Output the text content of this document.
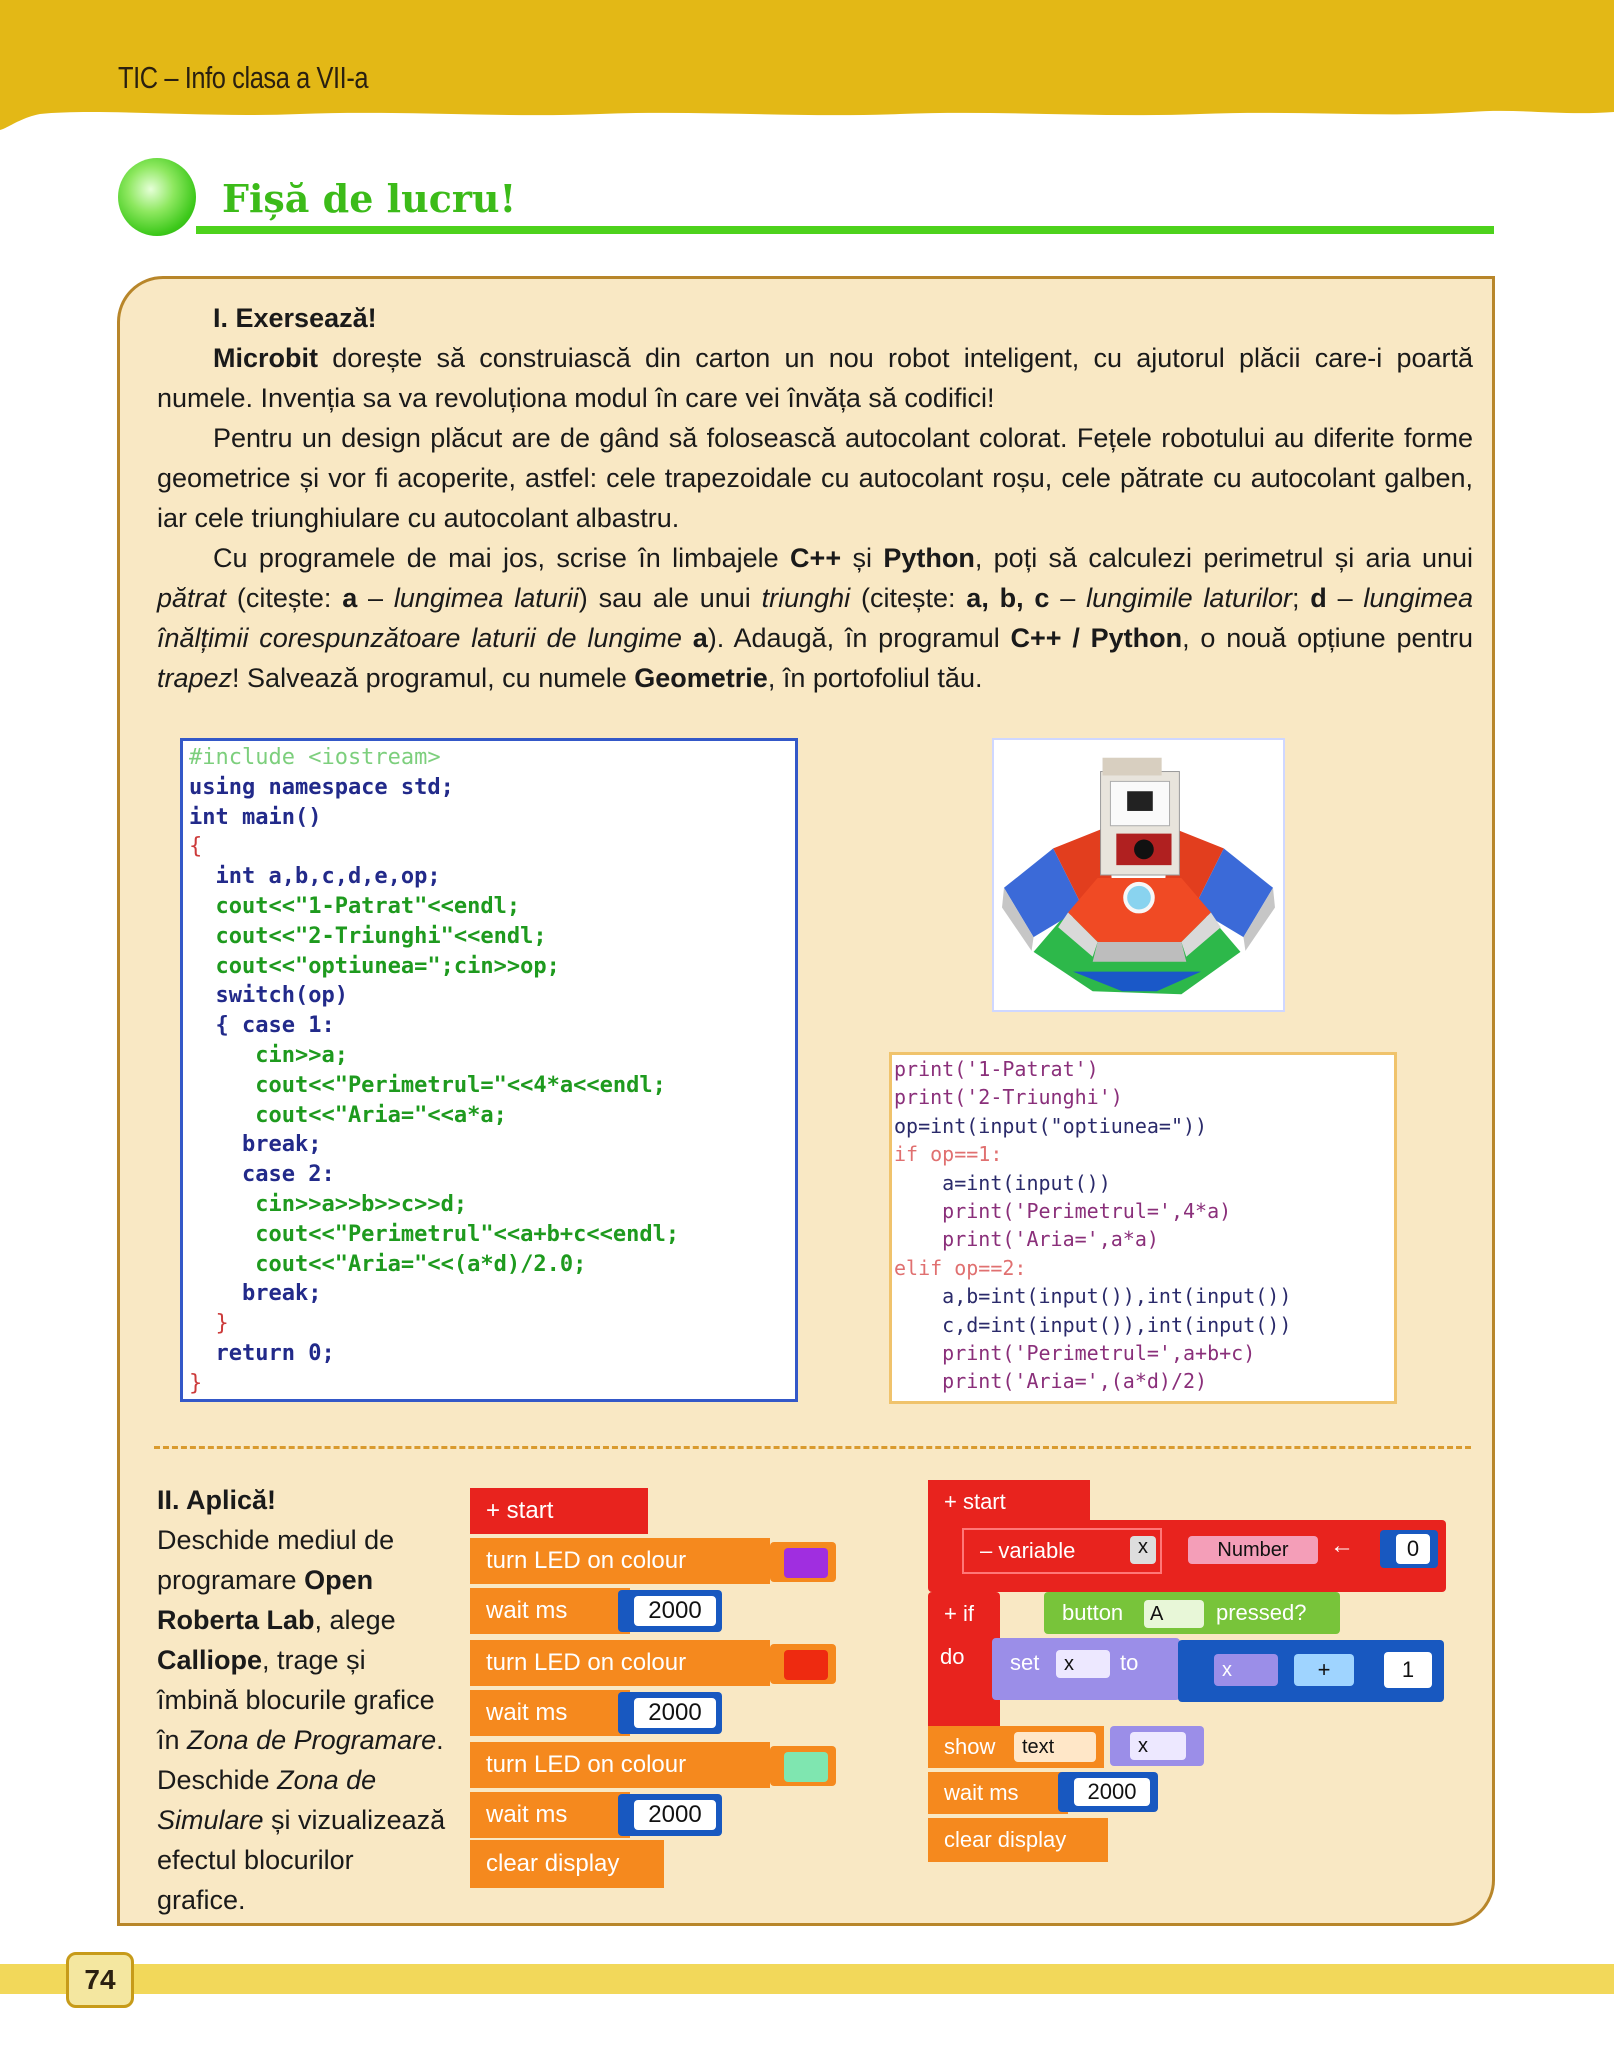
TIC – Info clasa a VII-a
Fișă de lucru!

I. Exersează!

Microbit dorește să construiască din carton un nou robot inteligent, cu ajutorul plăcii care-i poartă numele. Invenția sa va revoluționa modul în care vei învăța să codifici!

Pentru un design plăcut are de gând să folosească autocolant colorat. Fețele robotului au diferite forme geometrice și vor fi acoperite, astfel: cele trapezoidale cu autocolant roșu, cele pătrate cu autocolant galben, iar cele triunghiulare cu autocolant albastru.

Cu programele de mai jos, scrise în limbajele C++ și Python, poți să calculezi perimetrul și aria unui pătrat (citește: a – lungimea laturii) sau ale unui triunghi (citește: a, b, c – lungimile laturilor; d – lungimea înălțimii corespunzătoare laturii de lungime a). Adaugă, în programul C++ / Python, o nouă opțiune pentru trapez! Salvează programul, cu numele Geometrie, în portofoliul tău.

#include <iostream>
using namespace std;
int main()
{
int a,b,c,d,e,op;
cout<<"1-Patrat"<<endl;
cout<<"2-Triunghi"<<endl;
cout<<"optiunea=";cin>>op;
switch(op)
{ case 1:
cin>>a;
cout<<"Perimetrul="<<4*a<<endl;
cout<<"Aria="<<a*a;
break;
case 2:
cin>>a>>b>>c>>d;
cout<<"Perimetrul"<<a+b+c<<endl;
cout<<"Aria="<<(a*d)/2.0;
break;
}
return 0;
}
print('1-Patrat')
print('2-Triunghi')
op=int(input("optiunea="))
if op==1:
a=int(input())
print('Perimetrul=',4*a)
print('Aria=',a*a)
elif op==2:
a,b=int(input()),int(input())
c,d=int(input()),int(input())
print('Perimetrul=',a+b+c)
print('Aria=',(a*d)/2)

II. Aplică!

Deschide mediul de programare Open Roberta Lab, alege Calliope, trage și îmbină blocurile grafice în Zona de Programare. Deschide Zona de Simulare și vizualizează efectul blocurilor grafice.

+ start
turn LED on colour
wait ms	2000
turn LED on colour
wait ms	2000
turn LED on colour
wait ms	2000
clear display
+ start
– variable	x	Number	←	0
+ if
do
button	A	pressed?
set	x	to	x	+	1
show	text	x
wait ms	2000
clear display
74
